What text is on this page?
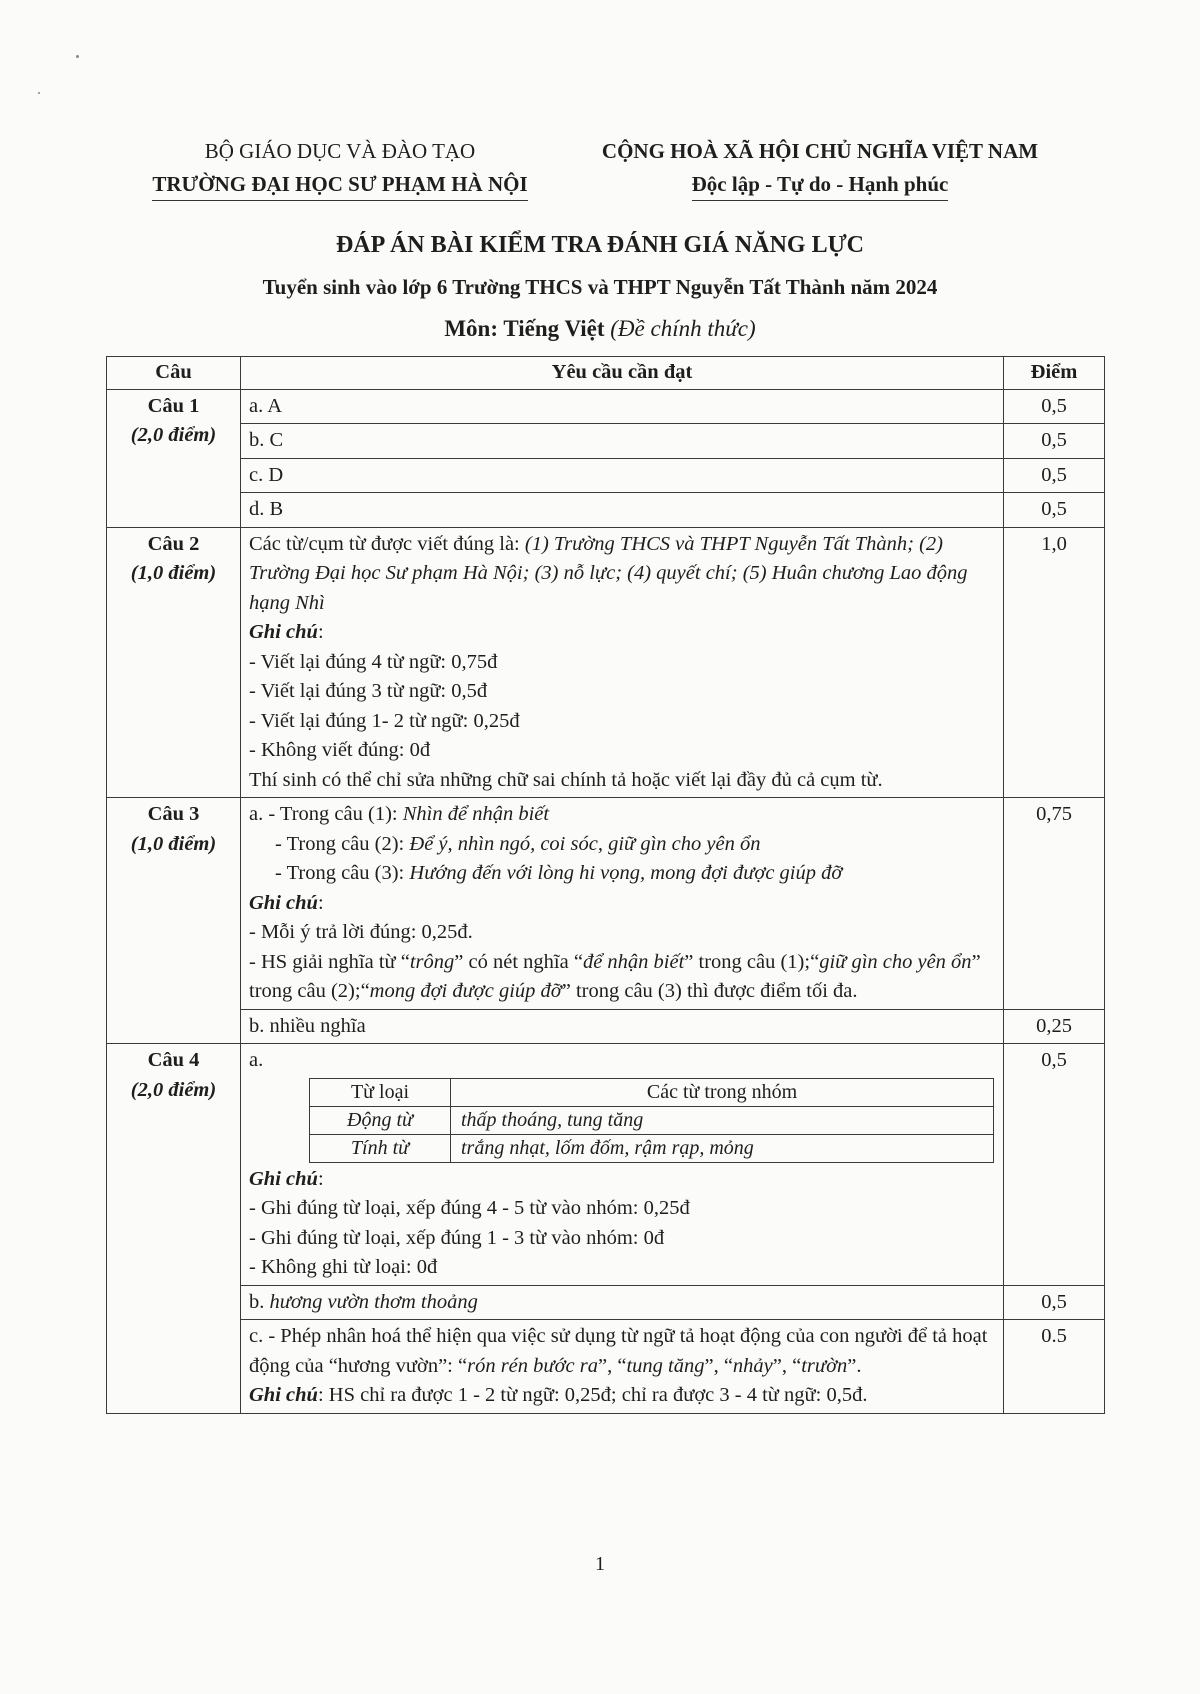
BỘ GIÁO DỤC VÀ ĐÀO TẠO
TRƯỜNG ĐẠI HỌC SƯ PHẠM HÀ NỘI
CỘNG HOÀ XÃ HỘI CHỦ NGHĨA VIỆT NAM
Độc lập - Tự do - Hạnh phúc
ĐÁP ÁN BÀI KIỂM TRA ĐÁNH GIÁ NĂNG LỰC
Tuyển sinh vào lớp 6 Trường THCS và THPT Nguyễn Tất Thành năm 2024
Môn: Tiếng Việt (Đề chính thức)
Câu	Yêu cầu cần đạt	Điểm

Câu 1
(2,0 điểm)
	a. A	0,5
b. C	0,5
c. D	0,5
d. B	0,5

Câu 2
(1,0 điểm)

Các từ/cụm từ được viết đúng là: (1) Trường THCS và THPT Nguyễn Tất Thành; (2) Trường Đại học Sư phạm Hà Nội; (3) nỗ lực; (4) quyết chí; (5) Huân chương Lao động hạng Nhì
Ghi chú:
- Viết lại đúng 4 từ ngữ: 0,75đ
- Viết lại đúng 3 từ ngữ: 0,5đ
- Viết lại đúng 1- 2 từ ngữ: 0,25đ
- Không viết đúng: 0đ
Thí sinh có thể chỉ sửa những chữ sai chính tả hoặc viết lại đầy đủ cả cụm từ.
	1,0

Câu 3
(1,0 điểm)

a. - Trong câu (1): Nhìn để nhận biết
- Trong câu (2): Để ý, nhìn ngó, coi sóc, giữ gìn cho yên ổn
- Trong câu (3): Hướng đến với lòng hi vọng, mong đợi được giúp đỡ
Ghi chú:
- Mỗi ý trả lời đúng: 0,25đ.
- HS giải nghĩa từ “trông” có nét nghĩa “để nhận biết” trong câu (1);“giữ gìn cho yên ổn” trong câu (2);“mong đợi được giúp đỡ” trong câu (3) thì được điểm tối đa.
	0,75
b. nhiều nghĩa	0,25

Câu 4
(2,0 điểm)

a.
Từ loại	Các từ trong nhóm
Động từ	thấp thoáng, tung tăng
Tính từ	trắng nhạt, lốm đốm, rậm rạp, mỏng
Ghi chú:
- Ghi đúng từ loại, xếp đúng 4 - 5 từ vào nhóm: 0,25đ
- Ghi đúng từ loại, xếp đúng 1 - 3 từ vào nhóm: 0đ
- Không ghi từ loại: 0đ
	0,5
b. hương vườn thơm thoảng	0,5

c. - Phép nhân hoá thể hiện qua việc sử dụng từ ngữ tả hoạt động của con người để tả hoạt động của “hương vườn”: “rón rén bước ra”, “tung tăng”, “nhảy”, “trườn”.
Ghi chú: HS chỉ ra được 1 - 2 từ ngữ: 0,25đ; chỉ ra được 3 - 4 từ ngữ: 0,5đ.
	0.5
1
